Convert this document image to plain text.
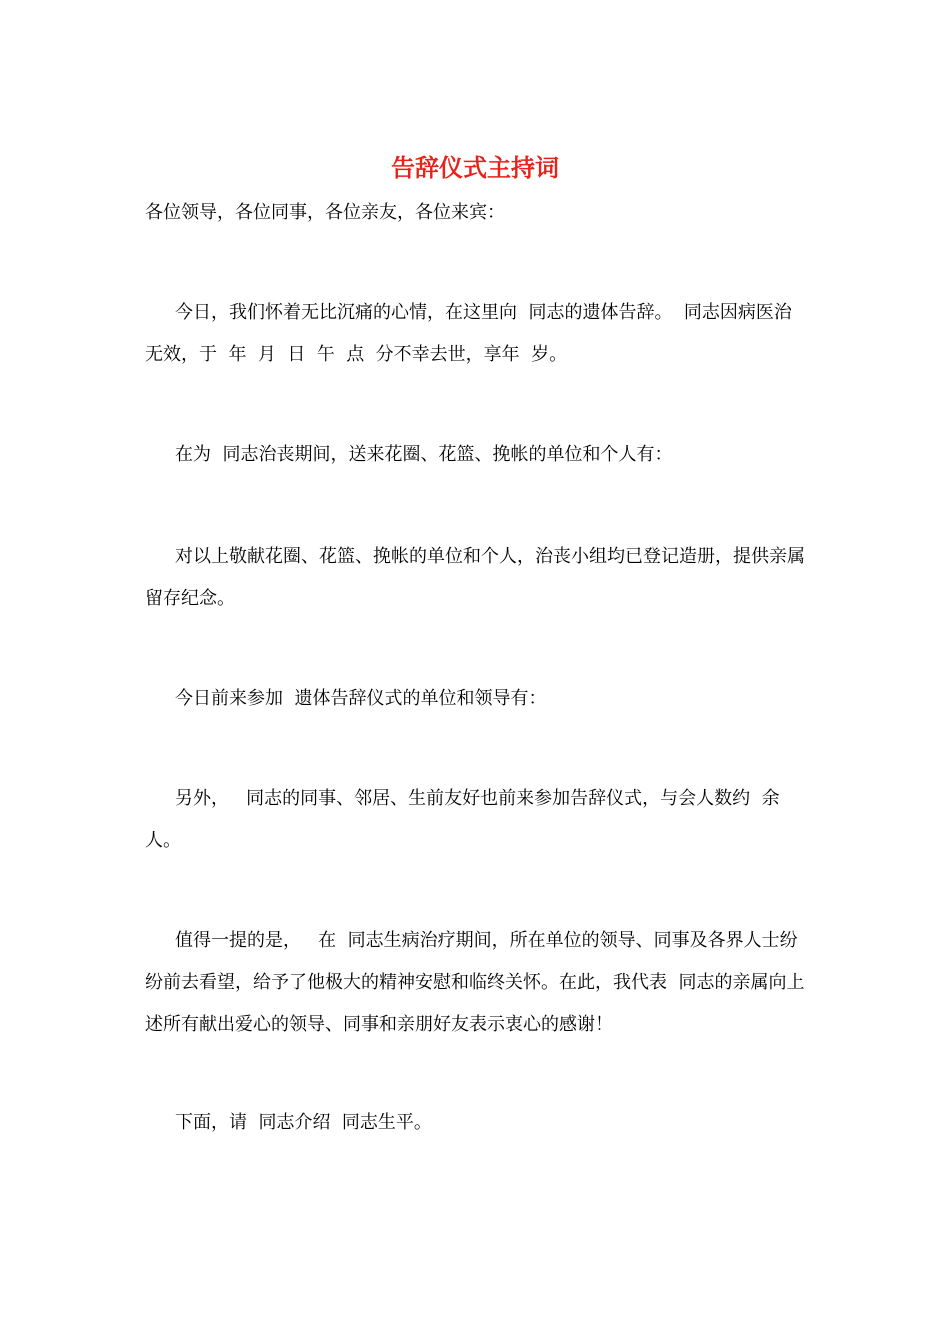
告辞仪式主持词
各位领导，各位同事，各位亲友，各位来宾：
今日，我们怀着无比沉痛的心情，在这里向  同志的遗体告辞。  同志因病医治无效，于  年  月  日  午  点  分不幸去世，享年  岁。
在为  同志治丧期间，送来花圈、花篮、挽帐的单位和个人有：
对以上敬献花圈、花篮、挽帐的单位和个人，治丧小组均已登记造册，提供亲属留存纪念。
今日前来参加  遗体告辞仪式的单位和领导有：
另外，   同志的同事、邻居、生前友好也前来参加告辞仪式，与会人数约  余人。
值得一提的是，   在  同志生病治疗期间，所在单位的领导、同事及各界人士纷纷前去看望，给予了他极大的精神安慰和临终关怀。在此，我代表  同志的亲属向上述所有献出爱心的领导、同事和亲朋好友表示衷心的感谢！
下面，请  同志介绍  同志生平。
